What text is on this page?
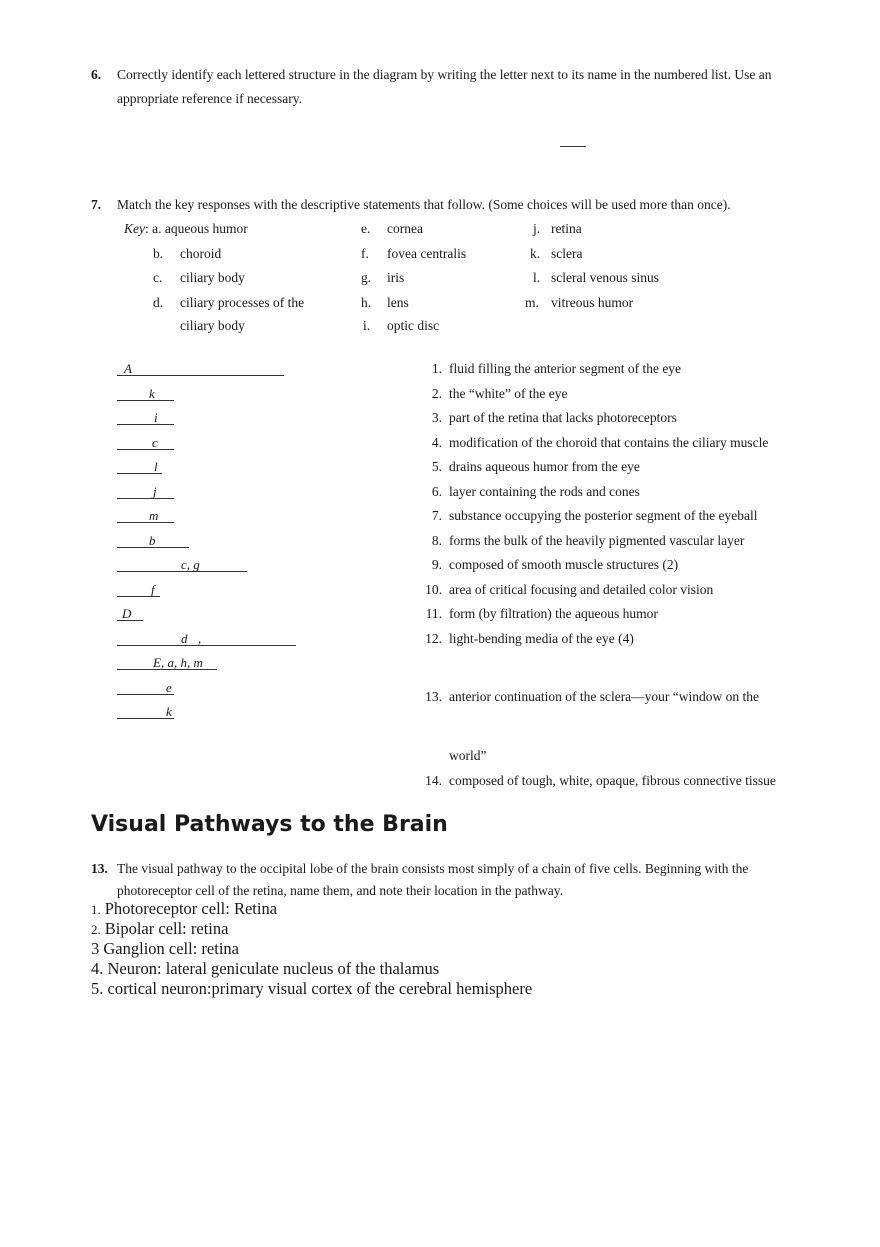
6. Correctly identify each lettered structure in the diagram by writing the letter next to its name in the numbered list. Use an
appropriate reference if necessary.
7. Match the key responses with the descriptive statements that follow. (Some choices will be used more than once).
Key: a. aqueous humor
b. choroid
c. ciliary body
d. ciliary processes of the
ciliary body
e. cornea
f. fovea centralis
g. iris
h. lens
i. optic disc
j. retina
k. sclera
l. scleral venous sinus
m. vitreous humor
A
k
i
c
l
j
m
b
c, g
f
D
d ,
E, a, h, m
e
k
1. fluid filling the anterior segment of the eye
2. the “white” of the eye
3. part of the retina that lacks photoreceptors
4. modification of the choroid that contains the ciliary muscle
5. drains aqueous humor from the eye
6. layer containing the rods and cones
7. substance occupying the posterior segment of the eyeball
8. forms the bulk of the heavily pigmented vascular layer
9. composed of smooth muscle structures (2)
10. area of critical focusing and detailed color vision
11. form (by filtration) the aqueous humor
12. light-bending media of the eye (4)
13. anterior continuation of the sclera—your “window on the
world”
14. composed of tough, white, opaque, fibrous connective tissue
Visual Pathways to the Brain
13. The visual pathway to the occipital lobe of the brain consists most simply of a chain of five cells. Beginning with the
photoreceptor cell of the retina, name them, and note their location in the pathway.
1. Photoreceptor cell: Retina
2. Bipolar cell: retina
3 Ganglion cell: retina
4. Neuron: lateral geniculate nucleus of the thalamus
5. cortical neuron:primary visual cortex of the cerebral hemisphere
